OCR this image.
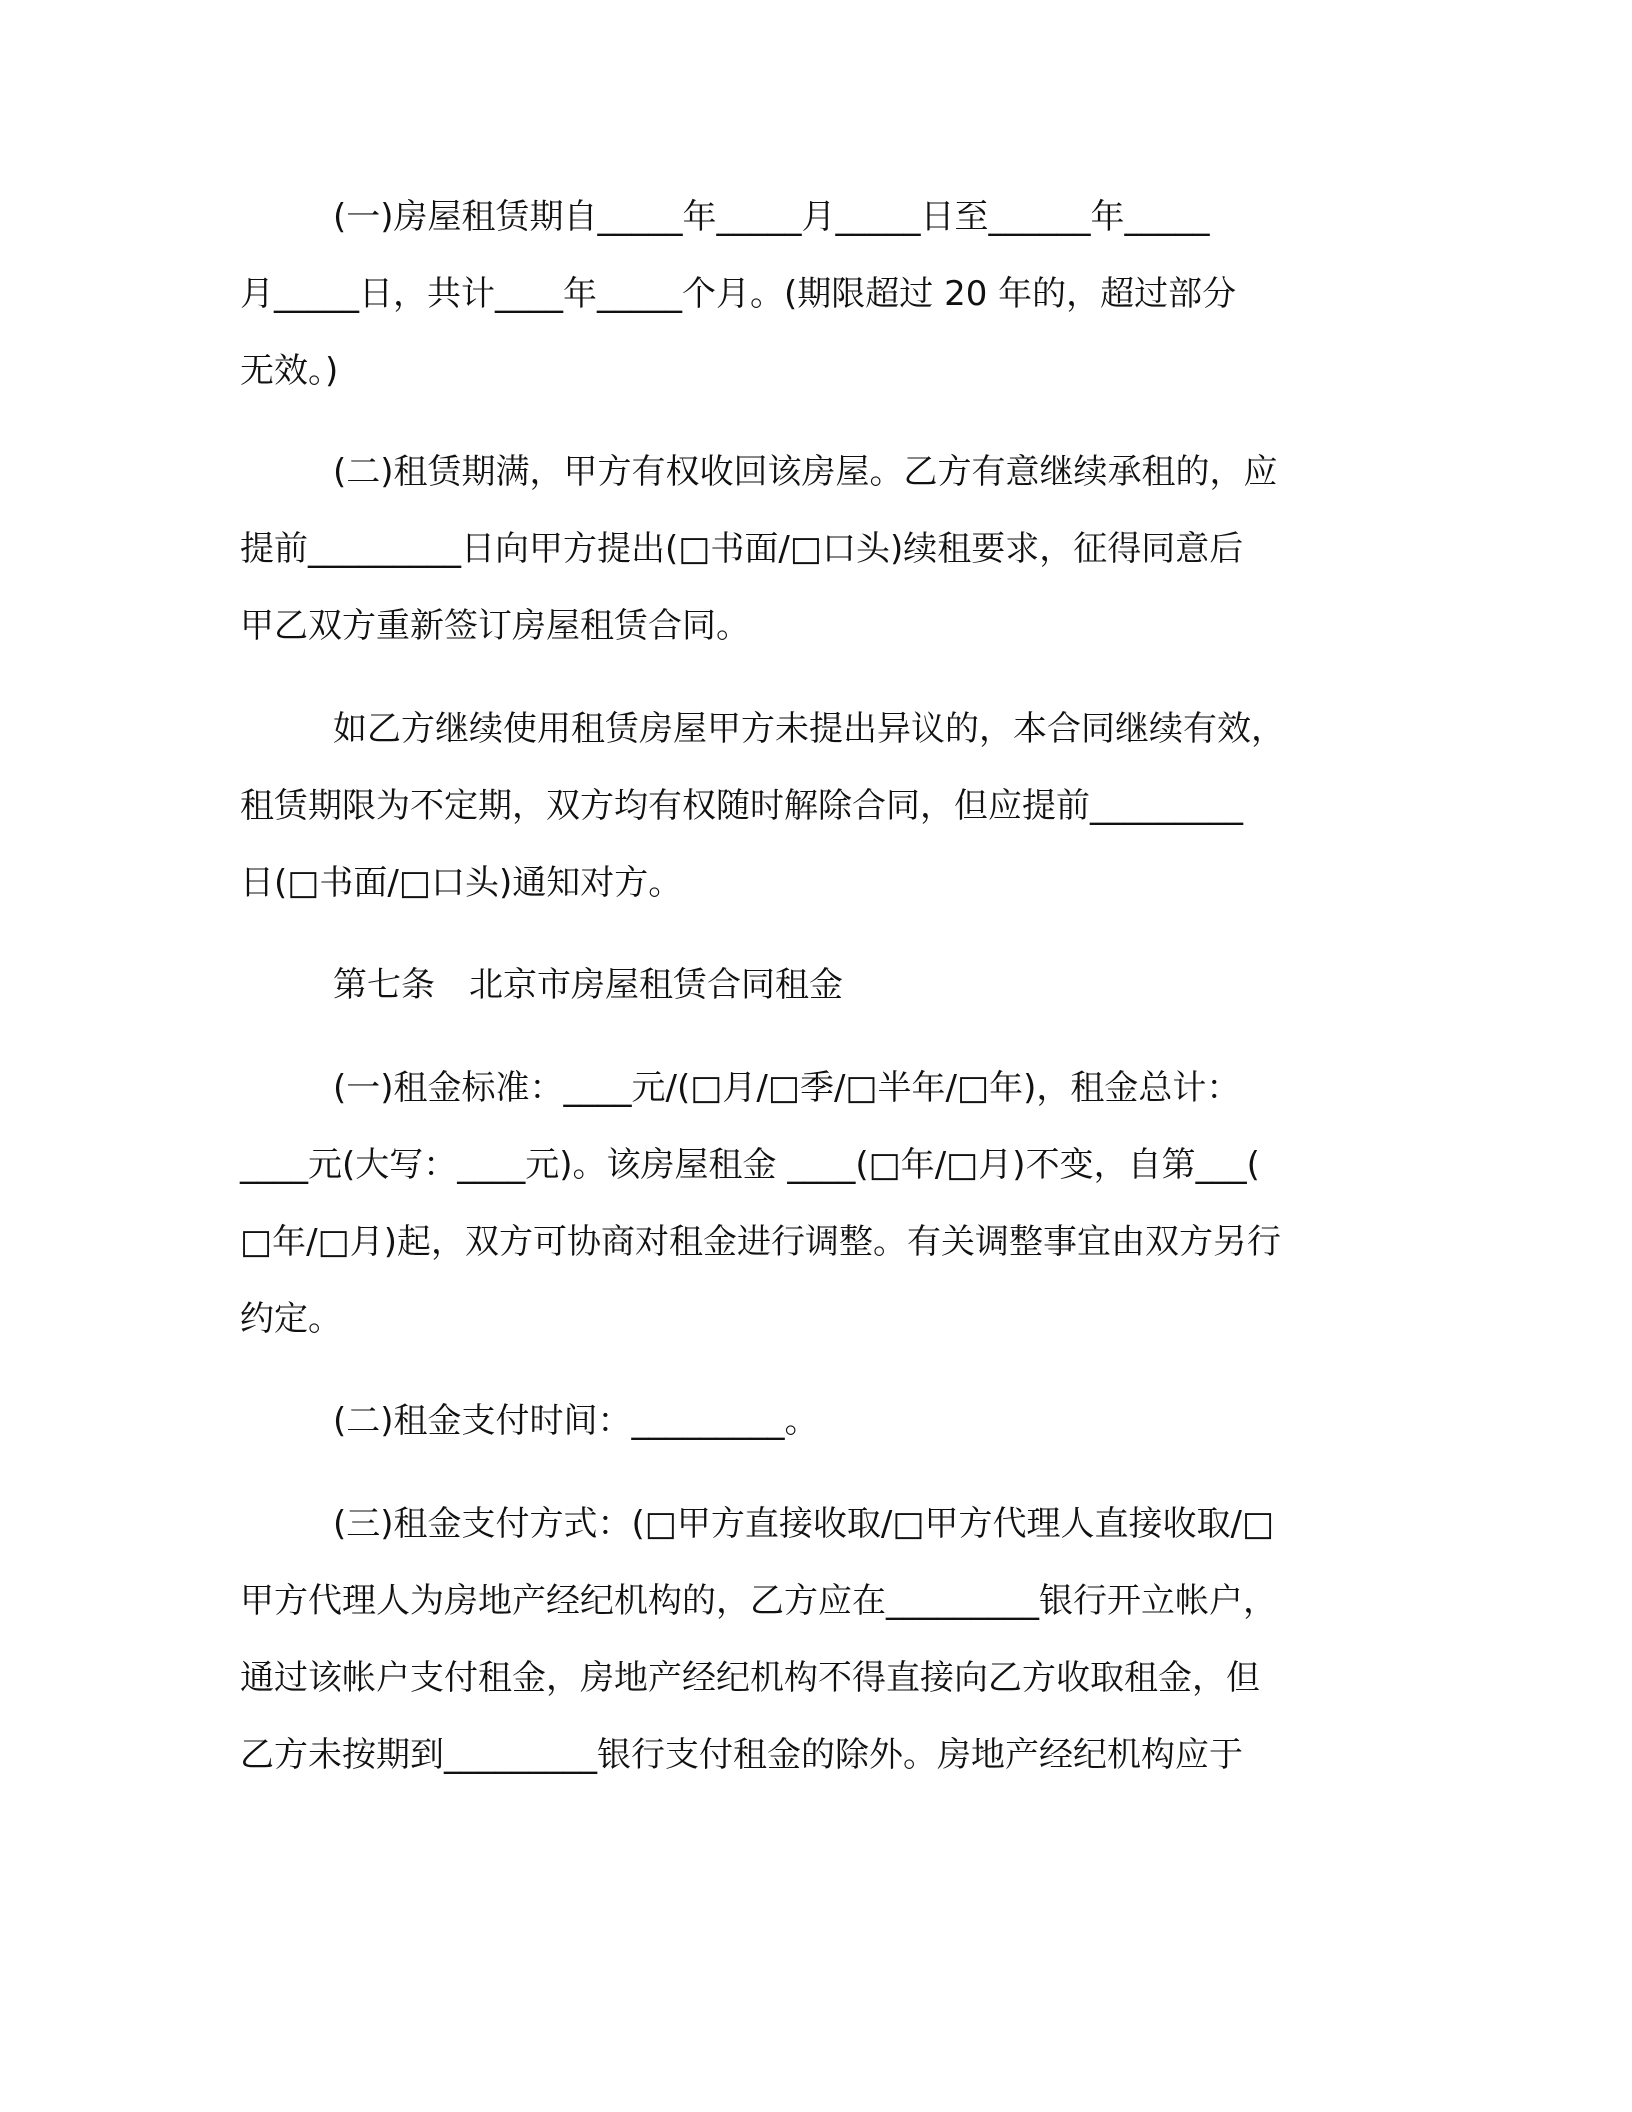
(一)房屋租赁期自_____年_____月_____日至______年_____

月_____日，共计____年_____个月。(期限超过 20 年的，超过部分

无效。)

(二)租赁期满，甲方有权收回该房屋。乙方有意继续承租的，应

提前_________日向甲方提出(□书面/□口头)续租要求，征得同意后

甲乙双方重新签订房屋租赁合同。

如乙方继续使用租赁房屋甲方未提出异议的，本合同继续有效，

租赁期限为不定期，双方均有权随时解除合同，但应提前_________

日(□书面/□口头)通知对方。

第七条　北京市房屋租赁合同租金

(一)租金标准：____元/(□月/□季/□半年/□年)，租金总计：

____元(大写：____元)。该房屋租金 ____(□年/□月)不变，自第___(

□年/□月)起，双方可协商对租金进行调整。有关调整事宜由双方另行

约定。

(二)租金支付时间：_________。

(三)租金支付方式：(□甲方直接收取/□甲方代理人直接收取/□

甲方代理人为房地产经纪机构的，乙方应在_________银行开立帐户，

通过该帐户支付租金，房地产经纪机构不得直接向乙方收取租金，但

乙方未按期到_________银行支付租金的除外。房地产经纪机构应于
